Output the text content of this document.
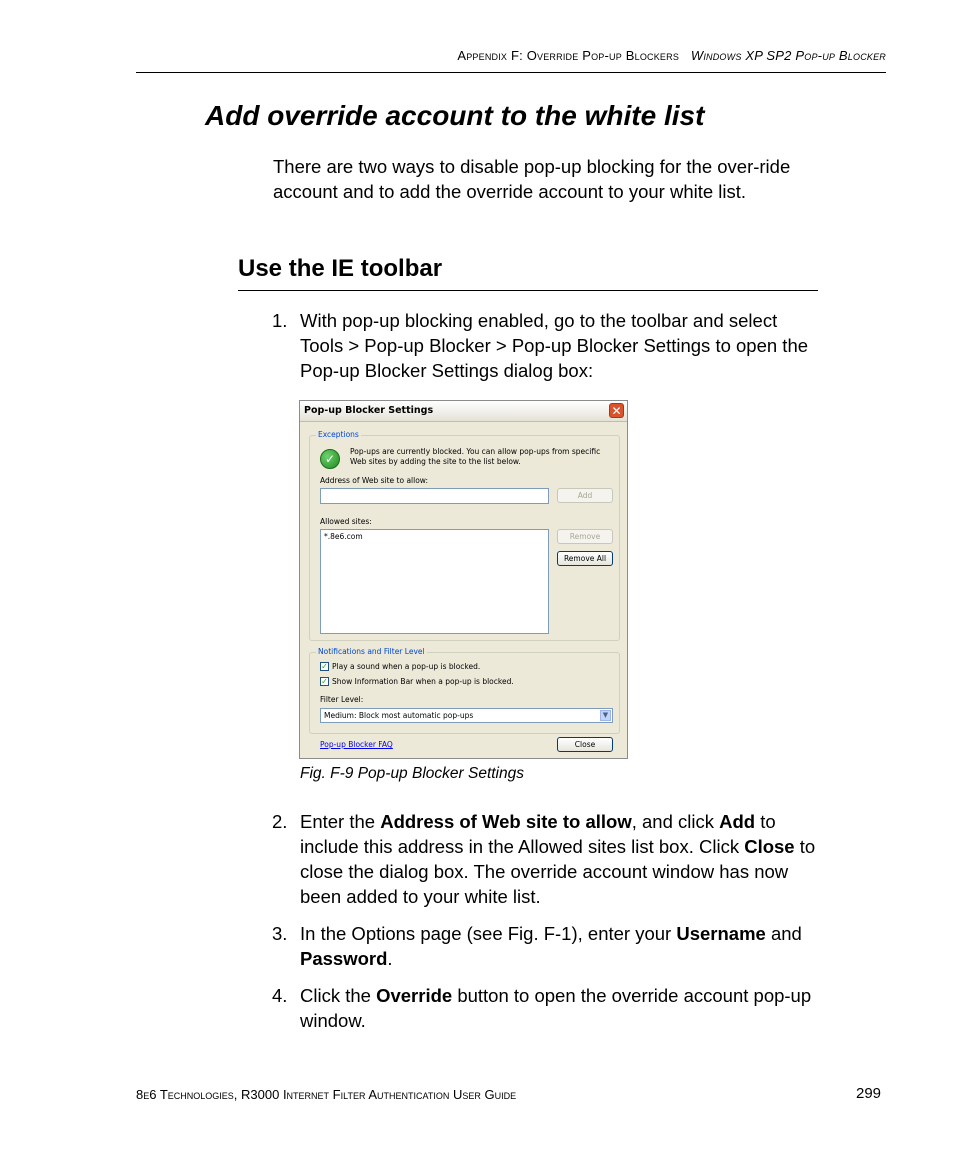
Appendix F: Override Pop-up Blockers Windows XP SP2 Pop-up Blocker
Add override account to the white list

There are two ways to disable pop-up blocking for the over-ride account and to add the override account to your white list.

Use the IE toolbar
1. With pop-up blocking enabled, go to the toolbar and select Tools > Pop-up Blocker > Pop-up Blocker Settings to open the Pop-up Blocker Settings dialog box:
Pop-up Blocker Settings	✕
Exceptions
✓
Pop-ups are currently blocked. You can allow pop-ups from specific Web sites by adding the site to the list below.
Address of Web site to allow:
Add
Allowed sites:
*.8e6.com	Remove
Remove All
Notifications and Filter Level
✓ Play a sound when a pop-up is blocked.
✓ Show Information Bar when a pop-up is blocked.
Filter Level:
Medium: Block most automatic pop-ups	▼
Pop-up Blocker FAQ	Close
Fig. F-9 Pop-up Blocker Settings
2. Enter the Address of Web site to allow, and click Add to include this address in the Allowed sites list box. Click Close to close the dialog box. The override account window has now been added to your white list.
3. In the Options page (see Fig. F-1), enter your Username and Password.
4. Click the Override button to open the override account pop-up window.
8e6 Technologies, R3000 Internet Filter Authentication User Guide	299
